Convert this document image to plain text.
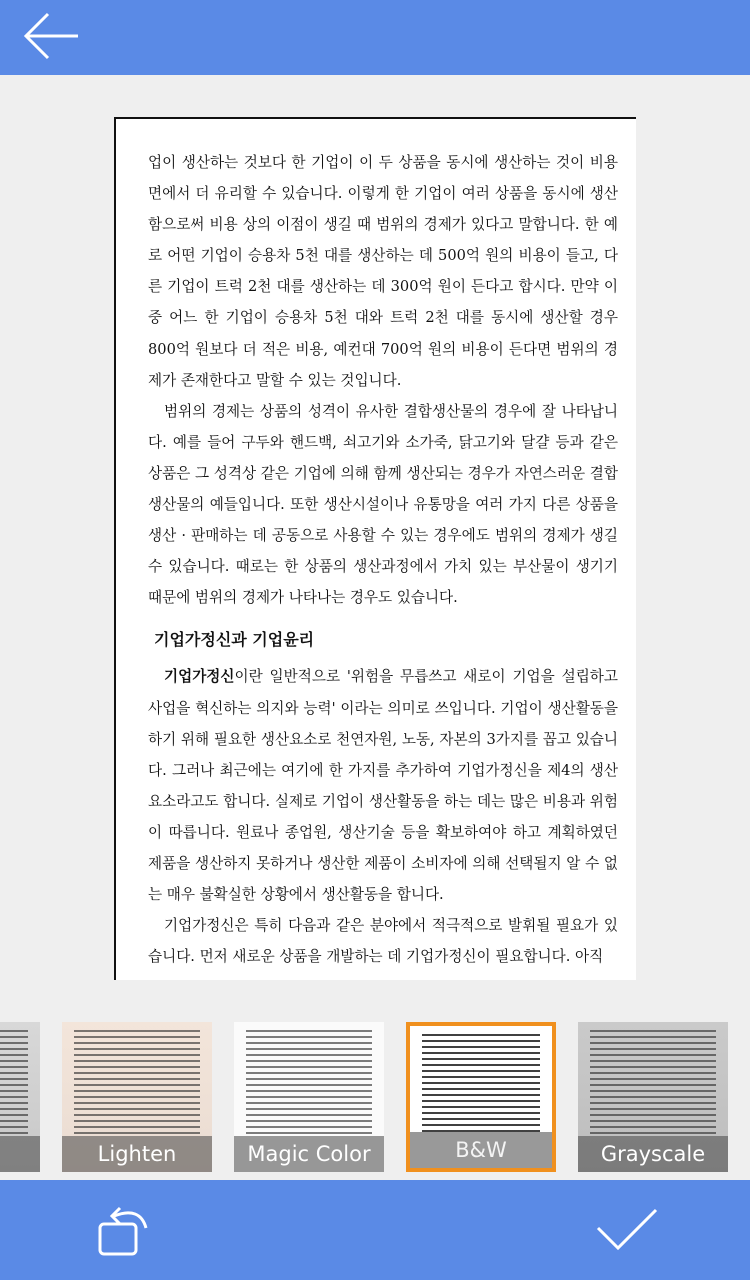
업이 생산하는 것보다 한 기업이 이 두 상품을 동시에 생산하는 것이 비용면에서 더 유리할 수 있습니다. 이렇게 한 기업이 여러 상품을 동시에 생산함으로써 비용 상의 이점이 생길 때 범위의 경제가 있다고 말합니다. 한 예로 어떤 기업이 승용차 5천 대를 생산하는 데 500억 원의 비용이 들고, 다른 기업이 트럭 2천 대를 생산하는 데 300억 원이 든다고 합시다. 만약 이 중 어느 한 기업이 승용차 5천 대와 트럭 2천 대를 동시에 생산할 경우 800억 원보다 더 적은 비용, 예컨대 700억 원의 비용이 든다면 범위의 경제가 존재한다고 말할 수 있는 것입니다.

범위의 경제는 상품의 성격이 유사한 결합생산물의 경우에 잘 나타납니다. 예를 들어 구두와 핸드백, 쇠고기와 소가죽, 닭고기와 달걀 등과 같은 상품은 그 성격상 같은 기업에 의해 함께 생산되는 경우가 자연스러운 결합생산물의 예들입니다. 또한 생산시설이나 유통망을 여러 가지 다른 상품을 생산 · 판매하는 데 공동으로 사용할 수 있는 경우에도 범위의 경제가 생길 수 있습니다. 때로는 한 상품의 생산과정에서 가치 있는 부산물이 생기기 때문에 범위의 경제가 나타나는 경우도 있습니다.

기업가정신과 기업윤리

기업가정신이란 일반적으로 '위험을 무릅쓰고 새로이 기업을 설립하고 사업을 혁신하는 의지와 능력' 이라는 의미로 쓰입니다. 기업이 생산활동을 하기 위해 필요한 생산요소로 천연자원, 노동, 자본의 3가지를 꼽고 있습니다. 그러나 최근에는 여기에 한 가지를 추가하여 기업가정신을 제4의 생산요소라고도 합니다. 실제로 기업이 생산활동을 하는 데는 많은 비용과 위험이 따릅니다. 원료나 종업원, 생산기술 등을 확보하여야 하고 계획하였던 제품을 생산하지 못하거나 생산한 제품이 소비자에 의해 선택될지 알 수 없는 매우 불확실한 상황에서 생산활동을 합니다.

기업가정신은 특히 다음과 같은 분야에서 적극적으로 발휘될 필요가 있습니다. 먼저 새로운 상품을 개발하는 데 기업가정신이 필요합니다. 아직

Lighten	Magic Color	B&W	Grayscale
